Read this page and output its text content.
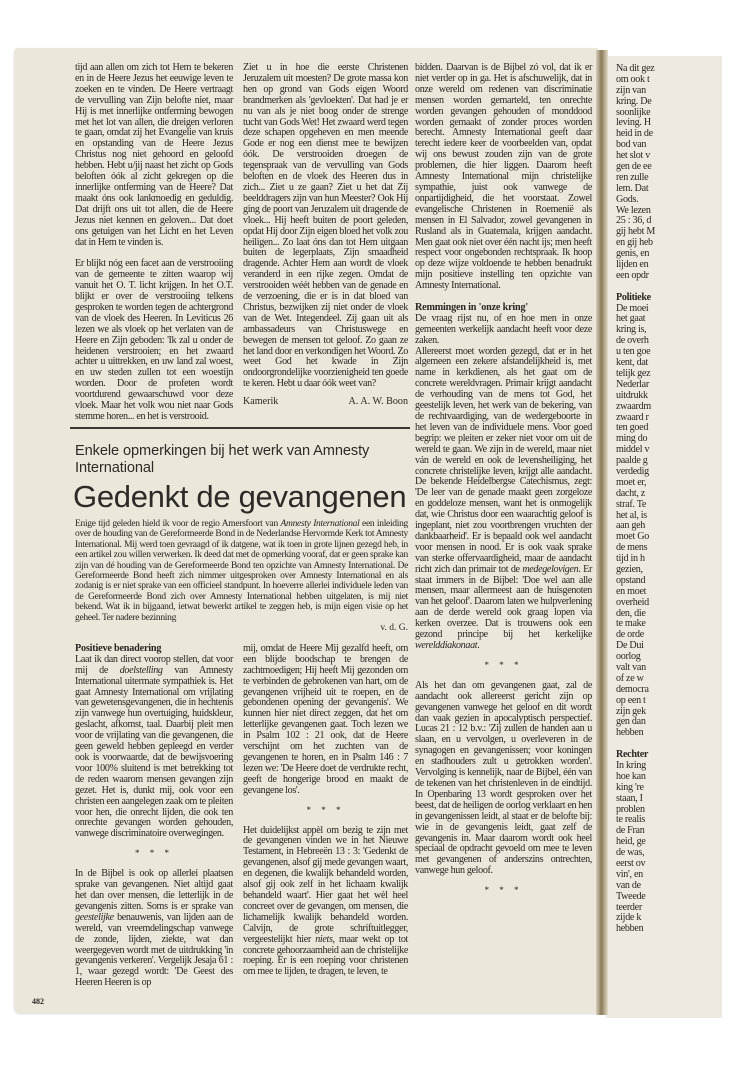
tijd aan allen om zich tot Hem te bekeren en in de Heere Jezus het eeuwige leven te zoeken en te vinden. De Heere vertraagt de vervulling van Zijn belofte niet, maar Hij is met innerlijke ontferming bewogen met het lot van allen, die dreigen verloren te gaan, omdat zij het Evangelie van kruis en opstanding van de Heere Jezus Christus nog niet gehoord en geloofd hebben. Hebt u/jij naast het zicht op Gods beloften óók al zicht gekregen op die innerlijke ontferming van de Heere? Dat maakt óns ook lankmoedig en geduldig. Dat drijft ons uit tot allen, die de Heere Jezus niet kennen en geloven... Dat doet ons getuigen van het Licht en het Leven dat in Hem te vinden is.

Er blijkt nóg een facet aan de verstrooiing van de gemeente te zitten waarop wij vanuit het O. T. licht krijgen. In het O.T. blijkt er over de verstrooiing telkens gesproken te worden tegen de achtergrond van de vloek des Heeren. In Leviticus 26 lezen we als vloek op het verlaten van de Heere en Zijn geboden: 'Ik zal u onder de heidenen verstrooien; en het zwaard achter u uittrekken, en uw land zal woest, en uw steden zullen tot een woestijn worden. Door de profeten wordt voortdurend gewaarschuwd voor deze vloek. Maar het volk wou niet naar Gods stemme horen... en het is verstrooid.

Ziet u in hoe die eerste Christenen Jeruzalem uit moesten? De grote massa kon hen op grond van Gods eigen Woord brandmerken als 'gevloekten'. Dat had je er nu van als je niet boog onder de strenge tucht van Gods Wet! Het zwaard werd tegen deze schapen opgeheven en men meende Gode er nog een dienst mee te bewijzen óók. De verstrooiden droegen de tegenspraak van de vervulling van Gods beloften en de vloek des Heeren dus in zich... Ziet u ze gaan? Ziet u het dat Zij beelddragers zijn van hun Meester? Ook Hij ging de poort van Jeruzalem uit dragende de vloek... Hij heeft buiten de poort geleden, opdat Hij door Zijn eigen bloed het volk zou heiligen... Zo laat óns dan tot Hem uitgaan buiten de legerplaats, Zijn smaadheid dragende. Achter Hem aan wordt de vloek veranderd in een rijke zegen. Omdat de verstrooiden wéét hebben van de genade en de verzoening, die er is in dat bloed van Christus, bezwijken zij niet onder de vloek van de Wet. Integendeel. Zij gaan uit als ambassadeurs van Christuswege en bewegen de mensen tot geloof. Zo gaan ze het land door en verkondigen het Woord. Zo weet God het kwade in Zijn ondoorgrondelijke voorzienigheid ten goede te keren. Hebt u daar óók weet van?

Kamerik	A. A. W. Boon
Enkele opmerkingen bij het werk van Amnesty International
Gedenkt de gevangenen
Enige tijd geleden hield ik voor de regio Amersfoort van Amnesty International een inleiding over de houding van de Gereformeerde Bond in de Nederlandse Hervormde Kerk tot Amnesty International. Mij werd toen gevraagd of ik datgene, wat ik toen in grote lijnen gezegd heb, in een artikel zou willen verwerken. Ik deed dat met de opmerking vooraf, dat er geen sprake kan zijn van dé houding van de Gereformeerde Bond ten opzichte van Amnesty International. De Gereformeerde Bond heeft zich nimmer uitgesproken over Amnesty International en als zodanig is er niet sprake van een officieel standpunt. In hoeverre allerlei individuele leden van de Gereformeerde Bond zich over Amnesty International hebben uitgelaten, is mij niet bekend. Wat ik in bijgaand, ietwat bewerkt artikel te zeggen heb, is mijn eigen visie op het geheel. Ter nadere bezinning
v. d. G.
Positieve benadering

Laat ik dan direct voorop stellen, dat voor mij de doelstelling van Amnesty International uitermate sympathiek is. Het gaat Amnesty International om vrijlating van gewetensgevangenen, die in hechtenis zijn vanwege hun overtuiging, huidskleur, geslacht, afkomst, taal. Daarbij pleit men voor de vrijlating van die gevangenen, die geen geweld hebben gepleegd en verder ook is voorwaarde, dat de bewijsvoering voor 100% sluitend is met betrekking tot de reden waarom mensen gevangen zijn gezet. Het is, dunkt mij, ook voor een christen een aangelegen zaak om te pleiten voor hen, die onrecht lijden, die ook ten onrechte gevangen worden gehouden, vanwege discriminatoire overwegingen.

* * *

In de Bijbel is ook op allerlei plaatsen sprake van gevangenen. Niet altijd gaat het dan over mensen, die letterlijk in de gevangenis zitten. Soms is er sprake van geestelijke benauwenis, van lijden aan de wereld, van vreemdelingschap vanwege de zonde, lijden, ziekte, wat dan weergegeven wordt met de uitdrukking 'in gevangenis verkeren'. Vergelijk Jesaja 61 : 1, waar gezegd wordt: 'De Geest des Heeren Heeren is op

mij, omdat de Heere Mij gezalfd heeft, om een blijde boodschap te brengen de zachtmoedigen; Hij heeft Mij gezonden om te verbinden de gebrokenen van hart, om de gevangenen vrijheid uit te roepen, en de gebondenen opening der gevangenis'. We kunnen hier niet direct zeggen, dat het om letterlijke gevangenen gaat. Toch lezen we in Psalm 102 : 21 ook, dat de Heere verschijnt om het zuchten van de gevangenen te horen, en in Psalm 146 : 7 lezen we: 'De Heere doet de verdrukte recht, geeft de hongerige brood en maakt de gevangene los'.

* * *

Het duidelijkst appèl om bezig te zijn met de gevangenen vinden we in het Nieuwe Testament, in Hebreeën 13 : 3: 'Gedenkt de gevangenen, alsof gij mede gevangen waart, en degenen, die kwalijk behandeld worden, alsof gij ook zelf in het lichaam kwalijk behandeld waart'. Hier gaat het wèl heel concreet over de gevangen, om mensen, die lichamelijk kwalijk behandeld worden. Calvijn, de grote schriftuitlegger, vergeestelijkt hier niets, maar wekt op tot concrete gehoorzaamheid aan de christelijke roeping. Er is een roeping voor christenen om mee te lijden, te dragen, te leven, te

482

bidden. Daarvan is de Bijbel zó vol, dat ik er niet verder op in ga. Het is afschuwelijk, dat in onze wereld om redenen van discriminatie mensen worden gemarteld, ten onrechte worden gevangen gehouden of monddood worden gemaakt of zonder proces worden berecht. Amnesty International geeft daar terecht iedere keer de voorbeelden van, opdat wij ons bewust zouden zijn van de grote problemen, die hier liggen. Daarom heeft Amnesty International mijn christelijke sympathie, juist ook vanwege de onpartijdigheid, die het voorstaat. Zowel evangelische Christenen in Roemenië als mensen in El Salvador, zowel gevangenen in Rusland als in Guatemala, krijgen aandacht. Men gaat ook niet over één nacht ijs; men heeft respect voor ongebonden rechtspraak. Ik hoop op deze wijze voldoende te hebben benadrukt mijn positieve instelling ten opzichte van Amnesty International.

Remmingen in 'onze kring'

De vraag rijst nu, of en hoe men in onze gemeenten werkelijk aandacht heeft voor deze zaken.

Allereerst moet worden gezegd, dat er in het algemeen een zekere afstandelijkheid is, met name in kerkdienen, als het gaat om de concrete wereldvragen. Primair krijgt aandacht de verhouding van de mens tot God, het geestelijk leven, het werk van de bekering, van de rechtvaardiging, van de wedergeboorte in het leven van de individuele mens. Voor goed begrip: we pleiten er zeker niet voor om uit de wereld te gaan. We zijn in de wereld, maar niet ván de wereld en ook de levensheiliging, het concrete christelijke leven, krijgt alle aandacht. De bekende Heidelbergse Catechismus, zegt: 'De leer van de genade maakt geen zorgeloze en goddeloze mensen, want het is onmogelijk dat, wie Christus door een waarachtig geloof is ingeplant, niet zou voortbrengen vruchten der dankbaarheid'. Er is bepaald ook wel aandacht voor mensen in nood. Er is ook vaak sprake van sterke offervaardigheid, maar de aandacht richt zich dan primair tot de medegelovigen. Er staat immers in de Bijbel: 'Doe wel aan alle mensen, maar allermeest aan de huisgenoten van het geloof'. Daarom laten we hulpverlening aan de derde wereld ook graag lopen via kerken overzee. Dat is trouwens ook een gezond principe bij het kerkelijke werelddiakonaat.

* * *

Als het dan om gevangenen gaat, zal de aandacht ook allereerst gericht zijn op gevangenen vanwege het geloof en dit wordt dan vaak gezien in apocalyptisch perspectief. Lucas 21 : 12 b.v.: 'Zij zullen de handen aan u slaan, en u vervolgen, u overleveren in de synagogen en gevangenissen; voor koningen en stadhouders zult u getrokken worden'. Vervolging is kennelijk, naar de Bijbel, één van de tekenen van het christenleven in de eindtijd. In Openbaring 13 wordt gesproken over het beest, dat de heiligen de oorlog verklaart en hen in gevangenissen leidt, al staat er de belofte bij: wie in de gevangenis leidt, gaat zelf de gevangenis in. Maar daarom wordt ook heel speciaal de opdracht gevoeld om mee te leven met gevangenen of anderszins ontrechten, vanwege hun geloof.

* * *
Na dit gez
om ook t
zijn van
kring. De
soonlijke
leving. H
heid in de
bod van
het slot v
gen de ee
ren zulle
lem. Dat
Gods.
We lezen
25 : 36, d
gij hebt M
en gij heb
genis, en
lijden en
een opdr
Politieke
De moei
het gaat
kring is,
de overh
u ten goe
kent, dat
telijk gez
Nederlar
uitdrukk
zwaardm
zwaard r
ten goed
ming do
middel v
paalde g
verdedig
moet er,
dacht, z
straf. Te
het al, is
aan geh
moet Go
de mens
tijd in h
gezien,
opstand
en moet
overheid
den, die
te make
de orde
De Dui
oorlog
valt van
of ze w
democra
op een t
zijn gek
gen dan
hebben
Rechter
In kring
hoe kan
king 're
staan, I
problen
te realis
de Fran
heid, ge
de was,
eerst ov
vin', en
van de
Tweede
teerder
zijde k
hebben
